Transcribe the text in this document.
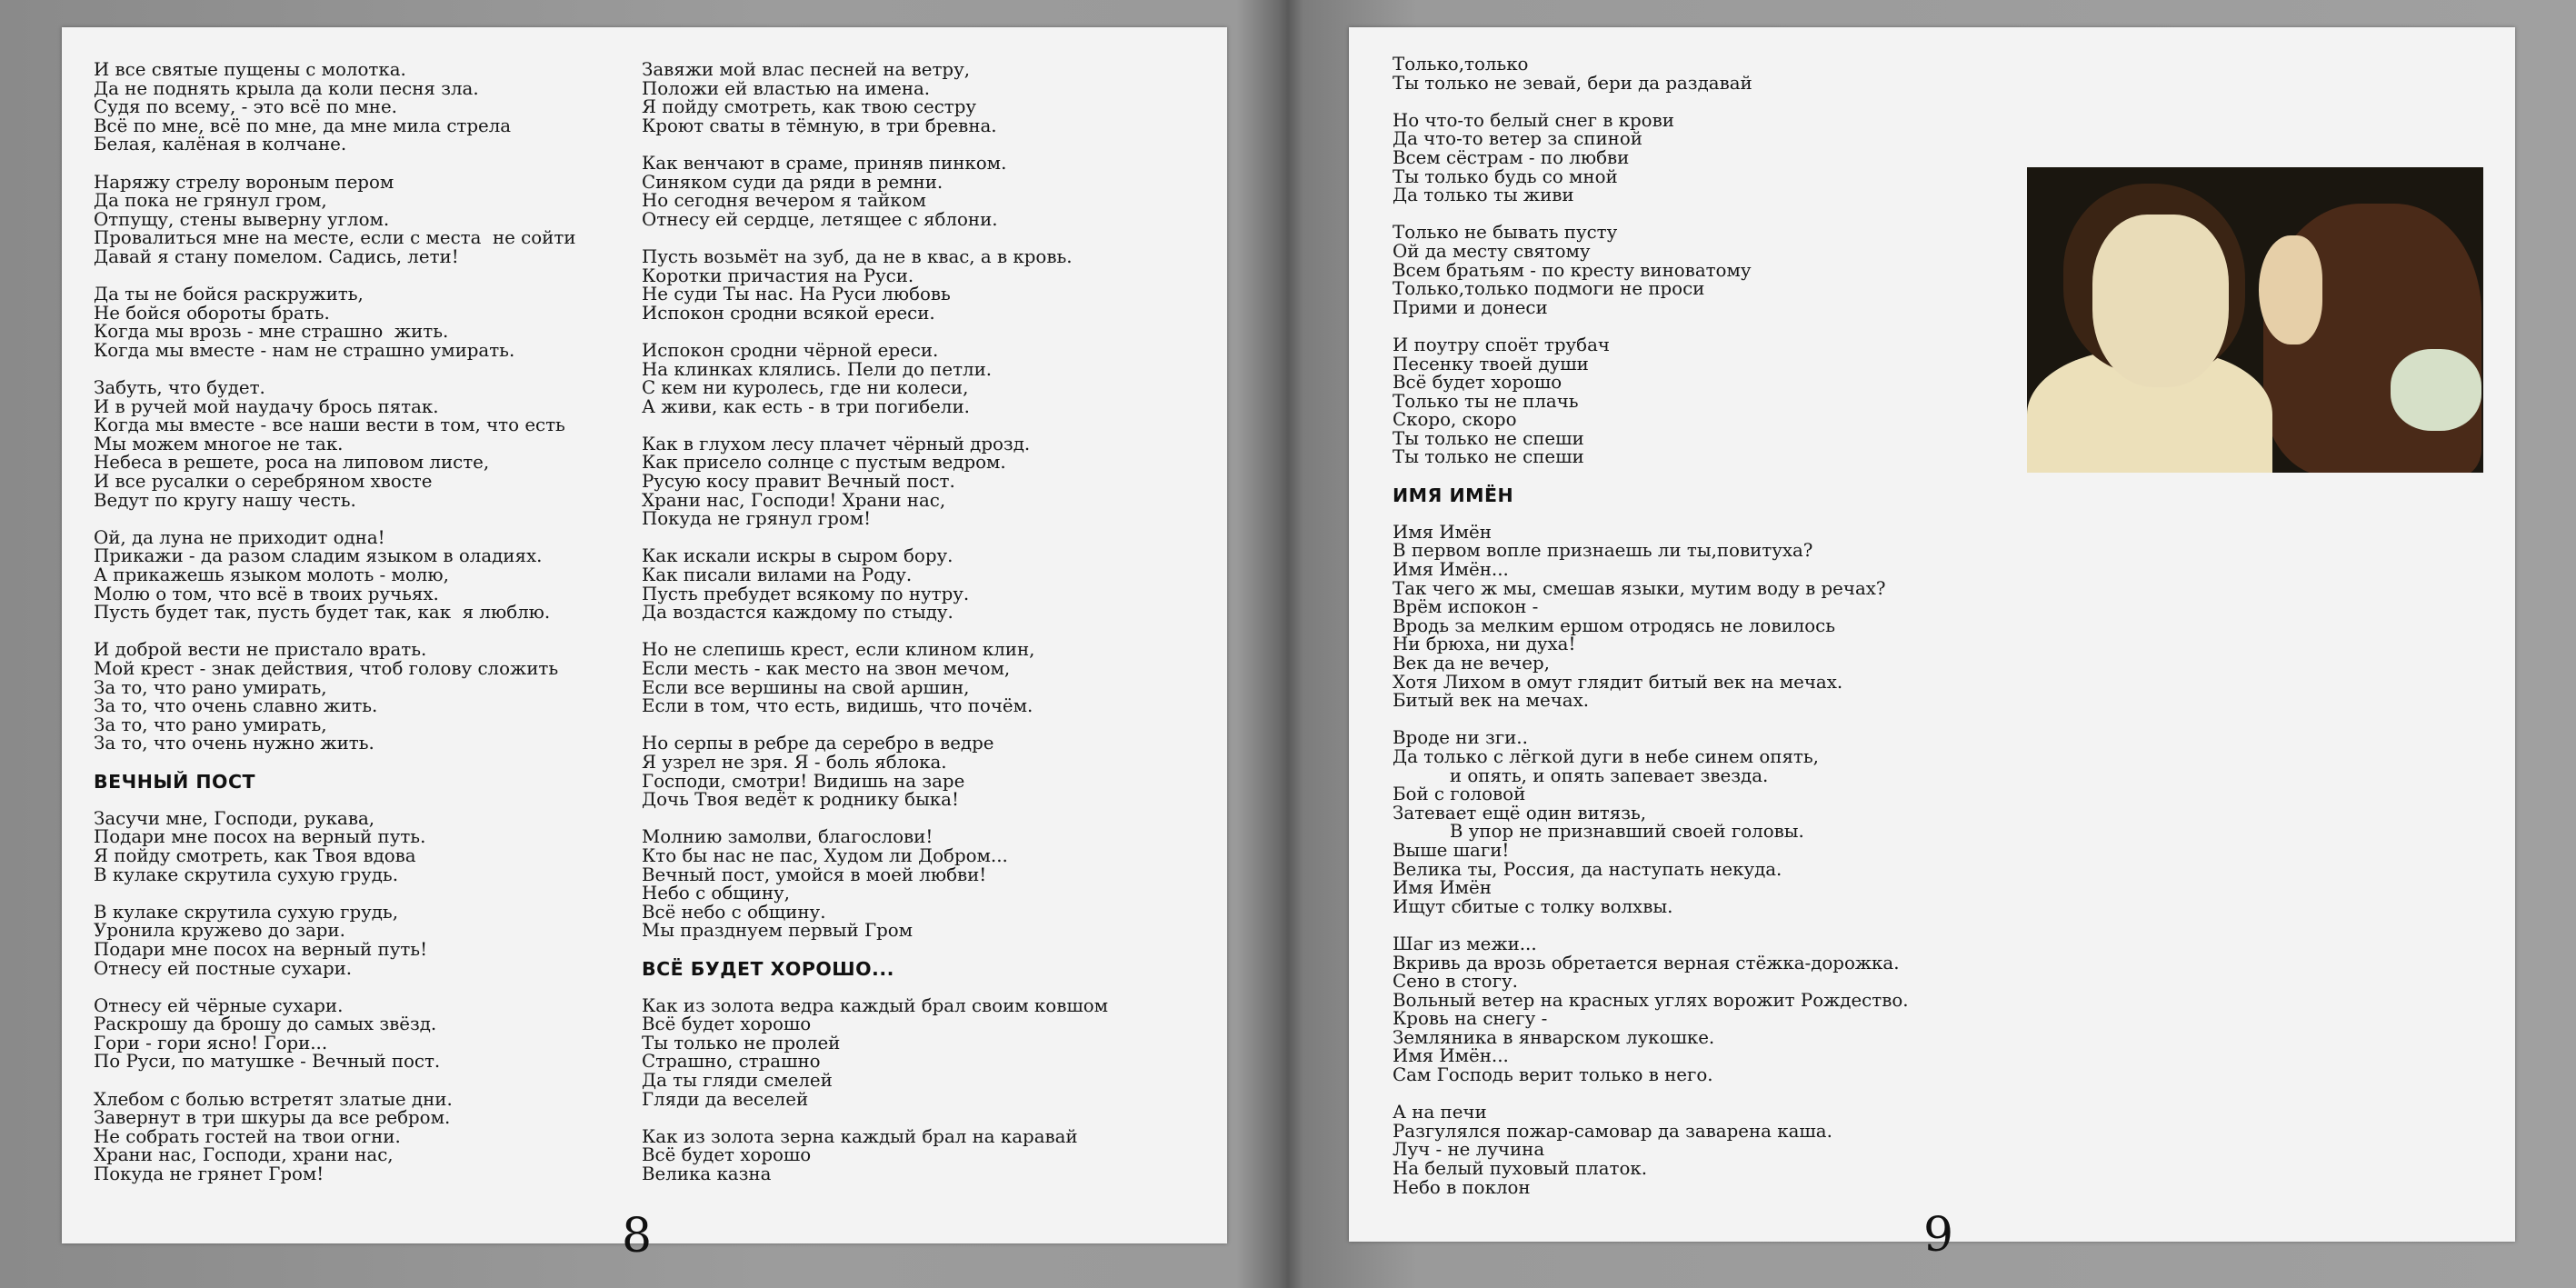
И все святые пущены с молотка.
Да не поднять крыла да коли песня зла.
Судя по всему, - это всё по мне.
Всё по мне, всё по мне, да мне мила стрела
Белая, калёная в колчане.
Наряжу стрелу вороным пером
Да пока не грянул гром,
Отпущу, стены выверну углом.
Провалиться мне на месте, если с места  не сойти
Давай я стану помелом. Садись, лети!
Да ты не бойся раскружить,
Не бойся обороты брать.
Когда мы врозь - мне страшно  жить.
Когда мы вместе - нам не страшно умирать.
Забуть, что будет.
И в ручей мой наудачу брось пятак.
Когда мы вместе - все наши вести в том, что есть
Мы можем многое не так.
Небеса в решете, роса на липовом листе,
И все русалки о серебряном хвосте
Ведут по кругу нашу честь.
Ой, да луна не приходит одна!
Прикажи - да разом сладим языком в оладиях.
А прикажешь языком молоть - молю,
Молю о том, что всё в твоих ручьях.
Пусть будет так, пусть будет так, как  я люблю.
И доброй вести не пристало врать.
Мой крест - знак действия, чтоб голову сложить
За то, что рано умирать,
За то, что очень славно жить.
За то, что рано умирать,
За то, что очень нужно жить.
ВЕЧНЫЙ ПОСТ
Засучи мне, Господи, рукава,
Подари мне посох на верный путь.
Я пойду смотреть, как Твоя вдова
В кулаке скрутила сухую грудь.
В кулаке скрутила сухую грудь,
Уронила кружево до зари.
Подари мне посох на верный путь!
Отнесу ей постные сухари.
Отнесу ей чёрные сухари.
Раскрошу да брошу до самых звёзд.
Гори - гори ясно! Гори...
По Руси, по матушке - Вечный пост.
Хлебом с болью встретят златые дни.
Завернут в три шкуры да все ребром.
Не собрать гостей на твои огни.
Храни нас, Господи, храни нас,
Покуда не грянет Гром!
Завяжи мой влас песней на ветру,
Положи ей властью на имена.
Я пойду смотреть, как твою сестру
Кроют сваты в тёмную, в три бревна.
Как венчают в сраме, приняв пинком.
Синяком суди да ряди в ремни.
Но сегодня вечером я тайком
Отнесу ей сердце, летящее с яблони.
Пусть возьмёт на зуб, да не в квас, а в кровь.
Коротки причастия на Руси.
Не суди Ты нас. На Руси любовь
Испокон сродни всякой ереси.
Испокон сродни чёрной ереси.
На клинках клялись. Пели до петли.
С кем ни куролесь, где ни колеси,
А живи, как есть - в три погибели.
Как в глухом лесу плачет чёрный дрозд.
Как присело солнце с пустым ведром.
Русую косу правит Вечный пост.
Храни нас, Господи! Храни нас,
Покуда не грянул гром!
Как искали искры в сыром бору.
Как писали вилами на Роду.
Пусть пребудет всякому по нутру.
Да воздастся каждому по стыду.
Но не слепишь крест, если клином клин,
Если месть - как место на звон мечом,
Если все вершины на свой аршин,
Если в том, что есть, видишь, что почём.
Но серпы в ребре да серебро в ведре
Я узрел не зря. Я - боль яблока.
Господи, смотри! Видишь на заре
Дочь Твоя ведёт к роднику быка!
Молнию замолви, благослови!
Кто бы нас не пас, Худом ли Добром...
Вечный пост, умойся в моей любви!
Небо с общину,
Всё небо с общину.
Мы празднуем первый Гром
ВСЁ БУДЕТ ХОРОШО...
Как из золота ведра каждый брал своим ковшом
Всё будет хорошо
Ты только не пролей
Страшно, страшно
Да ты гляди смелей
Гляди да веселей
Как из золота зерна каждый брал на каравай
Всё будет хорошо
Велика казна
8
Только,только
Ты только не зевай, бери да раздавай
Но что-то белый снег в крови
Да что-то ветер за спиной
Всем сёстрам - по любви
Ты только будь со мной
Да только ты живи
Только не бывать пусту
Ой да месту святому
Всем братьям - по кресту виноватому
Только,только подмоги не проси
Прими и донеси
И поутру споёт трубач
Песенку твоей души
Всё будет хорошо
Только ты не плачь
Скоро, скоро
Ты только не спеши
Ты только не спеши
ИМЯ ИМЁН
Имя Имён
В первом вопле признаешь ли ты,повитуха?
Имя Имён...
Так чего ж мы, смешав языки, мутим воду в речах?
Врём испокон -
Вродь за мелким ершом отродясь не ловилось
Ни брюха, ни духа!
Век да не вечер,
Хотя Лихом в омут глядит битый век на мечах.
Битый век на мечах.
Вроде ни зги..
Да только с лёгкой дуги в небе синем опять,
и опять, и опять запевает звезда.
Бой с головой
Затевает ещё один витязь,
В упор не признавший своей головы.
Выше шаги!
Велика ты, Россия, да наступать некуда.
Имя Имён
Ищут сбитые с толку волхвы.
Шаг из межи...
Вкривь да врозь обретается верная стёжка-дорожка.
Сено в стогу.
Вольный ветер на красных углях ворожит Рождество.
Кровь на снегу -
Земляника в январском лукошке.
Имя Имён...
Сам Господь верит только в него.
А на печи
Разгулялся пожар-самовар да заварена каша.
Луч - не лучина
На белый пуховый платок.
Небо в поклон
9
